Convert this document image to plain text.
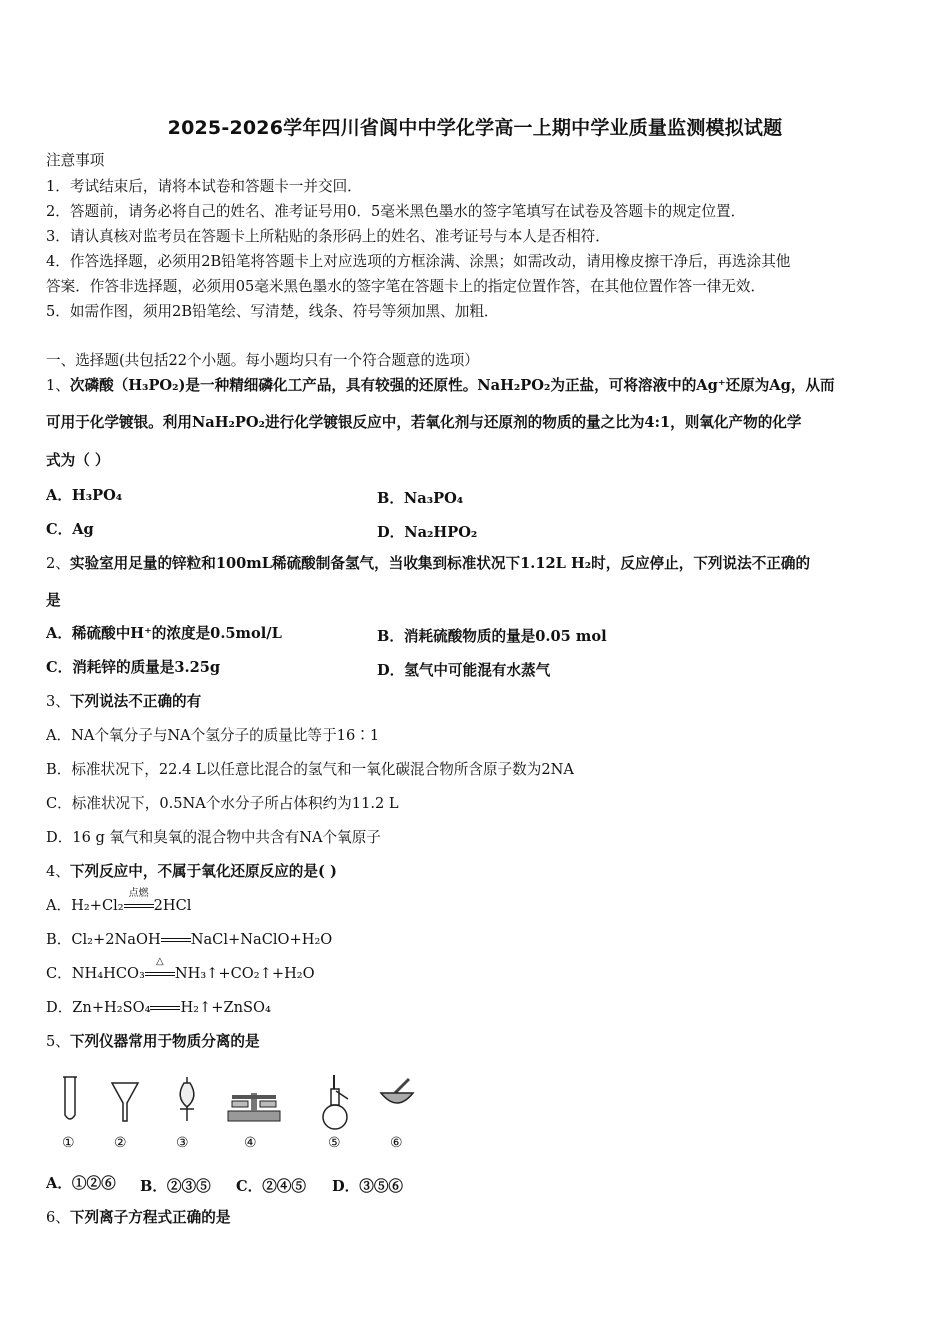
2025-2026学年四川省阆中中学化学高一上期中学业质量监测模拟试题
注意事项
1．考试结束后，请将本试卷和答题卡一并交回．
2．答题前，请务必将自己的姓名、准考证号用0．5毫米黑色墨水的签字笔填写在试卷及答题卡的规定位置．
3．请认真核对监考员在答题卡上所粘贴的条形码上的姓名、准考证号与本人是否相符．
4．作答选择题，必须用2B铅笔将答题卡上对应选项的方框涂满、涂黑；如需改动，请用橡皮擦干净后，再选涂其他
答案．作答非选择题，必须用05毫米黑色墨水的签字笔在答题卡上的指定位置作答，在其他位置作答一律无效．
5．如需作图，须用2B铅笔绘、写清楚，线条、符号等须加黑、加粗．
一、选择题(共包括22个小题。每小题均只有一个符合题意的选项）
1、次磷酸（H₃PO₂)是一种精细磷化工产品，具有较强的还原性。NaH₂PO₂为正盐，可将溶液中的Ag⁺还原为Ag，从而
可用于化学镀银。利用NaH₂PO₂进行化学镀银反应中，若氧化剂与还原剂的物质的量之比为4:1，则氧化产物的化学
式为（ ）
A．H₃PO₄	B．Na₃PO₄
C．Ag	D．Na₂HPO₂
2、实验室用足量的锌粒和100mL稀硫酸制备氢气，当收集到标准状况下1.12L H₂时，反应停止，下列说法不正确的
是
A．稀硫酸中H⁺的浓度是0.5mol/L	B．消耗硫酸物质的量是0.05 mol
C．消耗锌的质量是3.25g	D．氢气中可能混有水蒸气
3、下列说法不正确的有
A．NA个氧分子与NA个氢分子的质量比等于16∶1
B．标准状况下，22.4 L以任意比混合的氢气和一氧化碳混合物所含原子数为2NA
C．标准状况下，0.5NA个水分子所占体积约为11.2 L
D．16 g 氧气和臭氧的混合物中共含有NA个氧原子
4、下列反应中，不属于氧化还原反应的是( )
A．H₂+Cl₂
点燃
2HCl
B．Cl₂+2NaOH NaCl+NaClO+H₂O
C．NH₄HCO₃
△
NH₃↑+CO₂↑+H₂O
D．Zn+H₂SO₄ H₂↑+ZnSO₄
5、下列仪器常用于物质分离的是
①	②	③	④	⑤	⑥
A．①②⑥ B．②③⑤ C．②④⑤ D．③⑤⑥
6、下列离子方程式正确的是
